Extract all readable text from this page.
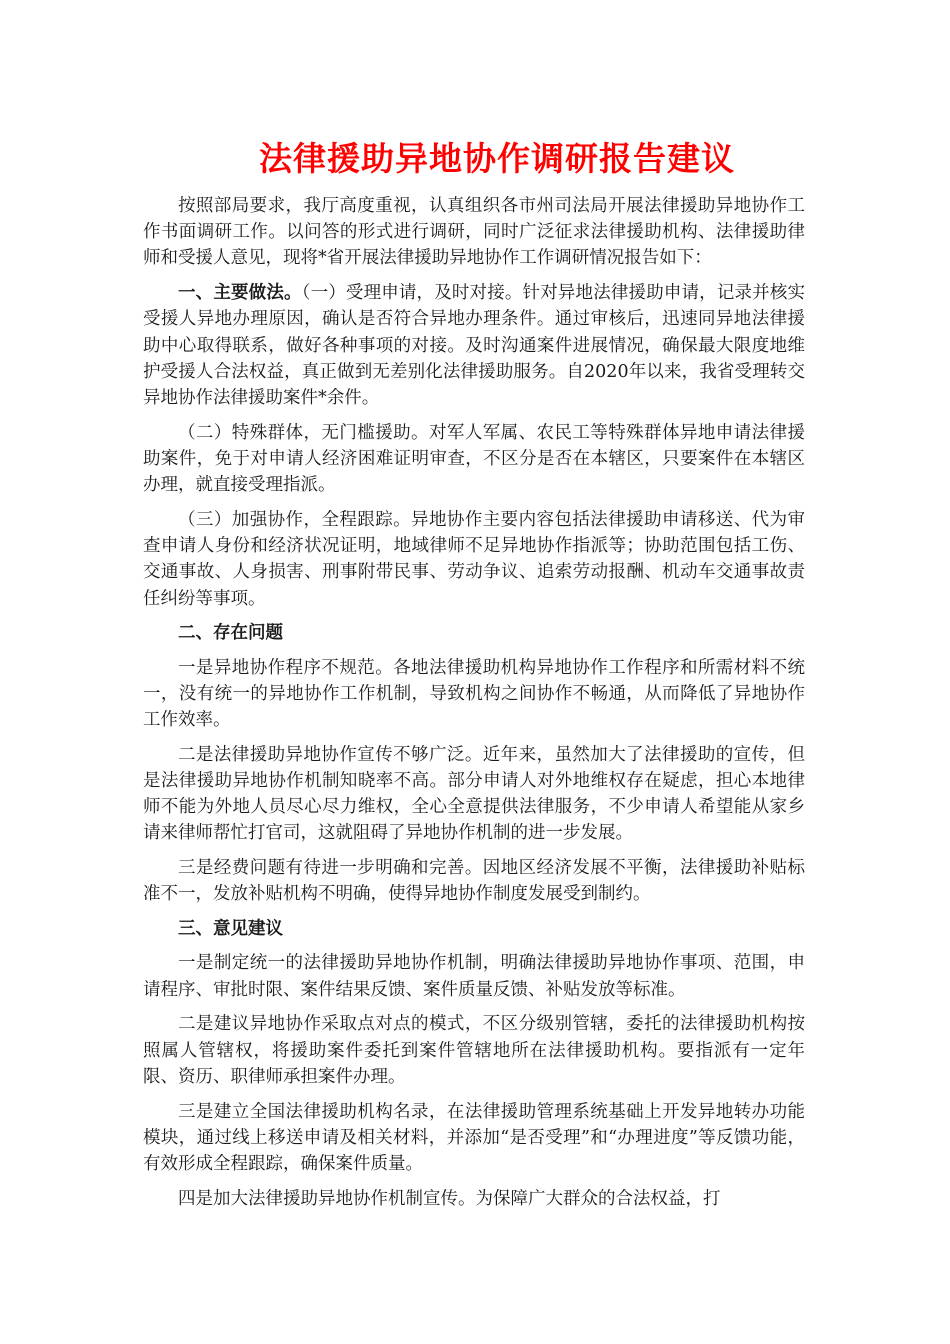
法律援助异地协作调研报告建议

按照部局要求，我厅高度重视，认真组织各市州司法局开展法律援助异地协作工作书面调研工作。以问答的形式进行调研，同时广泛征求法律援助机构、法律援助律师和受援人意见，现将*省开展法律援助异地协作工作调研情况报告如下：

一、主要做法。（一）受理申请，及时对接。针对异地法律援助申请，记录并核实受援人异地办理原因，确认是否符合异地办理条件。通过审核后，迅速同异地法律援助中心取得联系，做好各种事项的对接。及时沟通案件进展情况，确保最大限度地维护受援人合法权益，真正做到无差别化法律援助服务。自2020年以来，我省受理转交异地协作法律援助案件*余件。

（二）特殊群体，无门槛援助。对军人军属、农民工等特殊群体异地申请法律援助案件，免于对申请人经济困难证明审查，不区分是否在本辖区，只要案件在本辖区办理，就直接受理指派。

（三）加强协作，全程跟踪。异地协作主要内容包括法律援助申请移送、代为审查申请人身份和经济状况证明，地域律师不足异地协作指派等；协助范围包括工伤、交通事故、人身损害、刑事附带民事、劳动争议、追索劳动报酬、机动车交通事故责任纠纷等事项。

二、存在问题

一是异地协作程序不规范。各地法律援助机构异地协作工作程序和所需材料不统一，没有统一的异地协作工作机制，导致机构之间协作不畅通，从而降低了异地协作工作效率。

二是法律援助异地协作宣传不够广泛。近年来，虽然加大了法律援助的宣传，但是法律援助异地协作机制知晓率不高。部分申请人对外地维权存在疑虑，担心本地律师不能为外地人员尽心尽力维权，全心全意提供法律服务，不少申请人希望能从家乡请来律师帮忙打官司，这就阻碍了异地协作机制的进一步发展。

三是经费问题有待进一步明确和完善。因地区经济发展不平衡，法律援助补贴标准不一，发放补贴机构不明确，使得异地协作制度发展受到制约。

三、意见建议

一是制定统一的法律援助异地协作机制，明确法律援助异地协作事项、范围，申请程序、审批时限、案件结果反馈、案件质量反馈、补贴发放等标准。

二是建议异地协作采取点对点的模式，不区分级别管辖，委托的法律援助机构按照属人管辖权，将援助案件委托到案件管辖地所在法律援助机构。要指派有一定年限、资历、职律师承担案件办理。

三是建立全国法律援助机构名录，在法律援助管理系统基础上开发异地转办功能模块，通过线上移送申请及相关材料，并添加“是否受理”和“办理进度”等反馈功能，有效形成全程跟踪，确保案件质量。

四是加大法律援助异地协作机制宣传。为保障广大群众的合法权益，打
